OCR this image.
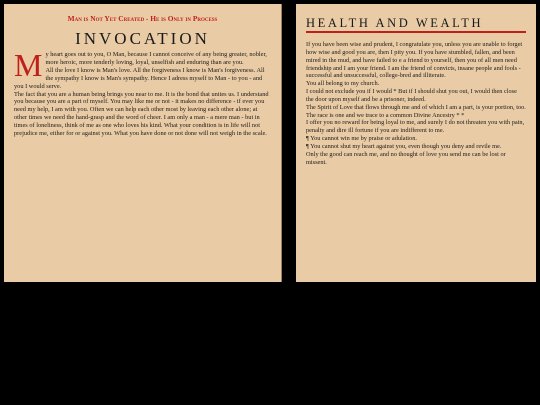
Man is Not Yet Created - He is Only in Process
INVOCATION

My heart goes out to you, O Man, because I cannot conceive of any being greater, nobler, more heroic, more tenderly loving, loyal, unselfish and enduring than are you.

All the love I know is Man's love. All the forgiveness I know is Man's forgiveness. All the sympathy I know is Man's sympathy. Hence I adress myself to Man - to you - and you I would serve.

The fact that you are a human being brings you near to me. It is the bond that unites us. I understand you because you are a part of myself. You may like me or not - it makes no difference - if ever you need my help, I am with you. Often we can help each other most by leaving each other alone; at other times we need the hand-grasp and the word of cheer. I am only a man - a mere man - but in times of loneliness, think of me as one who loves his kind. What your condition is in life will not prejudice me, either for or against you. What you have done or not done will not weigh in the scale.

HEALTH AND WEALTH

If you have been wise and prudent, I congratulate you, unless you are unable to forget how wise and good you are, then I pity you. If you have stumbled, fallen, and been mired in the mud, and have failed to e a friend to yourself, then you of all men need friendship and I am your friend. I am the friend of convicts, insane people and fools - successful and unsuccessful, college-bred and illiterate.

You all belong to my church.

I could not exclude you if I would * But if I should shut you out, I would then close the door upon myself and be a prisoner, indeed.

The Spirit of Love that flows through me and of which I am a part, is your portion, too. The race is one and we trace to a common Divine Ancestry * *

I offer you no reward for being loyal to me, and surely I do not threaten you with pain, penalty and dire ill fortune if you are indifferent to me.

¶ You cannot win me by praise or adulation.

¶ You cannot shut my heart against you, even though you deny and revile me.

Only the good can reach me, and no thought of love you send me can be lost or missent.
